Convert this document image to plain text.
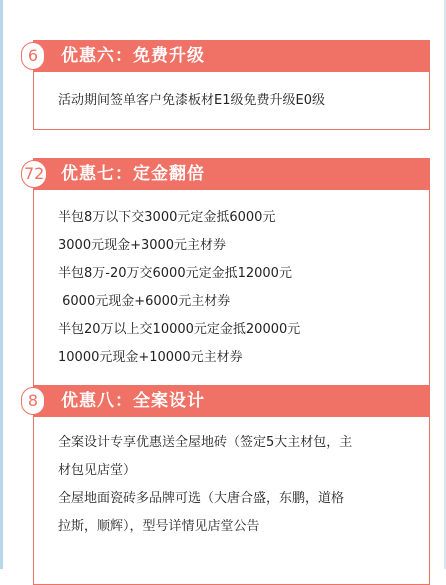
6	优惠六：免费升级
活动期间签单客户免漆板材E1级免费升级E0级
72 优惠七：定金翻倍
半包8万以下交3000元定金抵6000元
3000元现金+3000元主材券
半包8万-20万交6000元定金抵12000元
6000元现金+6000元主材券
半包20万以上交10000元定金抵20000元
10000元现金+10000元主材券
8	优惠八：全案设计
全案设计专享优惠送全屋地砖（签定5大主材包，主
材包见店堂）
全屋地面瓷砖多品牌可选（大唐合盛，东鹏，道格
拉斯，顺辉），型号详情见店堂公告
